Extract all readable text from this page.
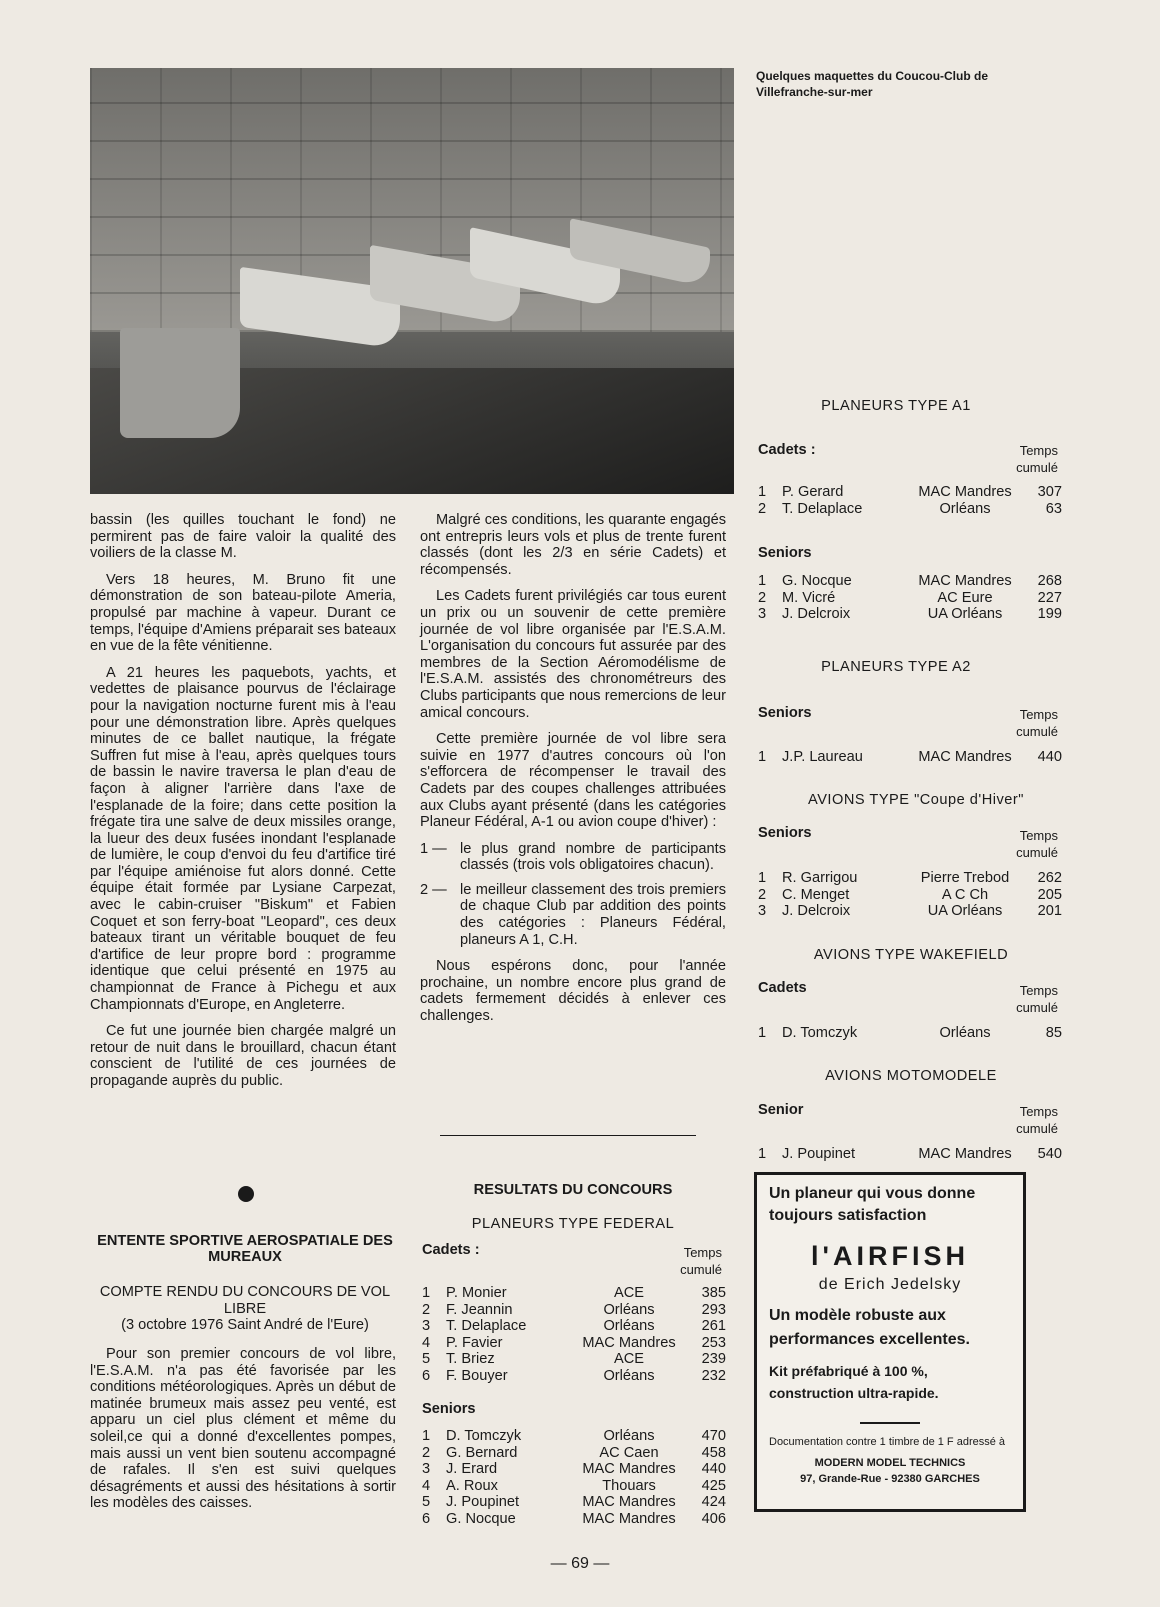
Quelques maquettes du Coucou-Club de Villefranche-sur-mer

bassin (les quilles touchant le fond) ne permirent pas de faire valoir la qualité des voiliers de la classe M.

Vers 18 heures, M. Bruno fit une démonstration de son bateau-pilote Ameria, propulsé par machine à vapeur. Durant ce temps, l'équipe d'Amiens préparait ses bateaux en vue de la fête vénitienne.

A 21 heures les paquebots, yachts, et vedettes de plaisance pourvus de l'éclairage pour la navigation nocturne furent mis à l'eau pour une démonstration libre. Après quelques minutes de ce ballet nautique, la frégate Suffren fut mise à l'eau, après quelques tours de bassin le navire traversa le plan d'eau de façon à aligner l'arrière dans l'axe de l'esplanade de la foire; dans cette position la frégate tira une salve de deux missiles orange, la lueur des deux fusées inondant l'esplanade de lumière, le coup d'envoi du feu d'artifice tiré par l'équipe amiénoise fut alors donné. Cette équipe était formée par Lysiane Carpezat, avec le cabin-cruiser "Biskum" et Fabien Coquet et son ferry-boat "Leopard", ces deux bateaux tirant un véritable bouquet de feu d'artifice de leur propre bord : programme identique que celui présenté en 1975 au championnat de France à Pichegu et aux Championnats d'Europe, en Angleterre.

Ce fut une journée bien chargée malgré un retour de nuit dans le brouillard, chacun étant conscient de l'utilité de ces journées de propagande auprès du public.

ENTENTE SPORTIVE AEROSPATIALE DES MUREAUX
COMPTE RENDU DU CONCOURS DE VOL LIBRE
(3 octobre 1976 Saint André de l'Eure)

Pour son premier concours de vol libre, l'E.S.A.M. n'a pas été favorisée par les conditions météorologiques. Après un début de matinée brumeux mais assez peu venté, est apparu un ciel plus clément et même du soleil,ce qui a donné d'excellentes pompes, mais aussi un vent bien soutenu accompagné de rafales. Il s'en est suivi quelques désagréments et aussi des hésitations à sortir les modèles des caisses.

Malgré ces conditions, les quarante engagés ont entrepris leurs vols et plus de trente furent classés (dont les 2/3 en série Cadets) et récompensés.

Les Cadets furent privilégiés car tous eurent un prix ou un souvenir de cette première journée de vol libre organisée par l'E.S.A.M. L'organisation du concours fut assurée par des membres de la Section Aéromodélisme de l'E.S.A.M. assistés des chronométreurs des Clubs participants que nous remercions de leur amical concours.

Cette première journée de vol libre sera suivie en 1977 d'autres concours où l'on s'efforcera de récompenser le travail des Cadets par des coupes challenges attribuées aux Clubs ayant présenté (dans les catégories Planeur Fédéral, A-1 ou avion coupe d'hiver) :

1 — le plus grand nombre de participants classés (trois vols obligatoires chacun).
2 — le meilleur classement des trois premiers de chaque Club par addition des points des catégories : Planeurs Fédéral, planeurs A 1, C.H.

Nous espérons donc, pour l'année prochaine, un nombre encore plus grand de cadets fermement décidés à enlever ces challenges.

RESULTATS DU CONCOURS
PLANEURS TYPE FEDERAL
Cadets :	Temps
cumulé
1	P. Monier	ACE	385
2	F. Jeannin	Orléans	293
3	T. Delaplace	Orléans	261
4	P. Favier	MAC Mandres	253
5	T. Briez	ACE	239
6	F. Bouyer	Orléans	232
Seniors
1	D. Tomczyk	Orléans	470
2	G. Bernard	AC Caen	458
3	J. Erard	MAC Mandres	440
4	A. Roux	Thouars	425
5	J. Poupinet	MAC Mandres	424
6	G. Nocque	MAC Mandres	406
PLANEURS TYPE A1
Cadets :	Temps
cumulé
1	P. Gerard	MAC Mandres	307
2	T. Delaplace	Orléans	63
Seniors
1	G. Nocque	MAC Mandres	268
2	M. Vicré	AC Eure	227
3	J. Delcroix	UA Orléans	199
PLANEURS TYPE A2
Seniors	Temps
cumulé
1	J.P. Laureau	MAC Mandres	440
AVIONS TYPE "Coupe d'Hiver"
Seniors	Temps
cumulé
1	R. Garrigou	Pierre Trebod	262
2	C. Menget	A C Ch	205
3	J. Delcroix	UA Orléans	201
AVIONS TYPE WAKEFIELD
Cadets	Temps
cumulé
1	D. Tomczyk	Orléans	85
AVIONS MOTOMODELE
Senior	Temps
cumulé
1	J. Poupinet	MAC Mandres	540
Un planeur qui vous donne toujours satisfaction
l'AIRFISH
de Erich Jedelsky
Un modèle robuste aux performances excellentes.
Kit préfabriqué à 100 %, construction ultra-rapide.
Documentation contre 1 timbre de 1 F adressé à
MODERN MODEL TECHNICS
97, Grande-Rue - 92380 GARCHES
— 69 —
